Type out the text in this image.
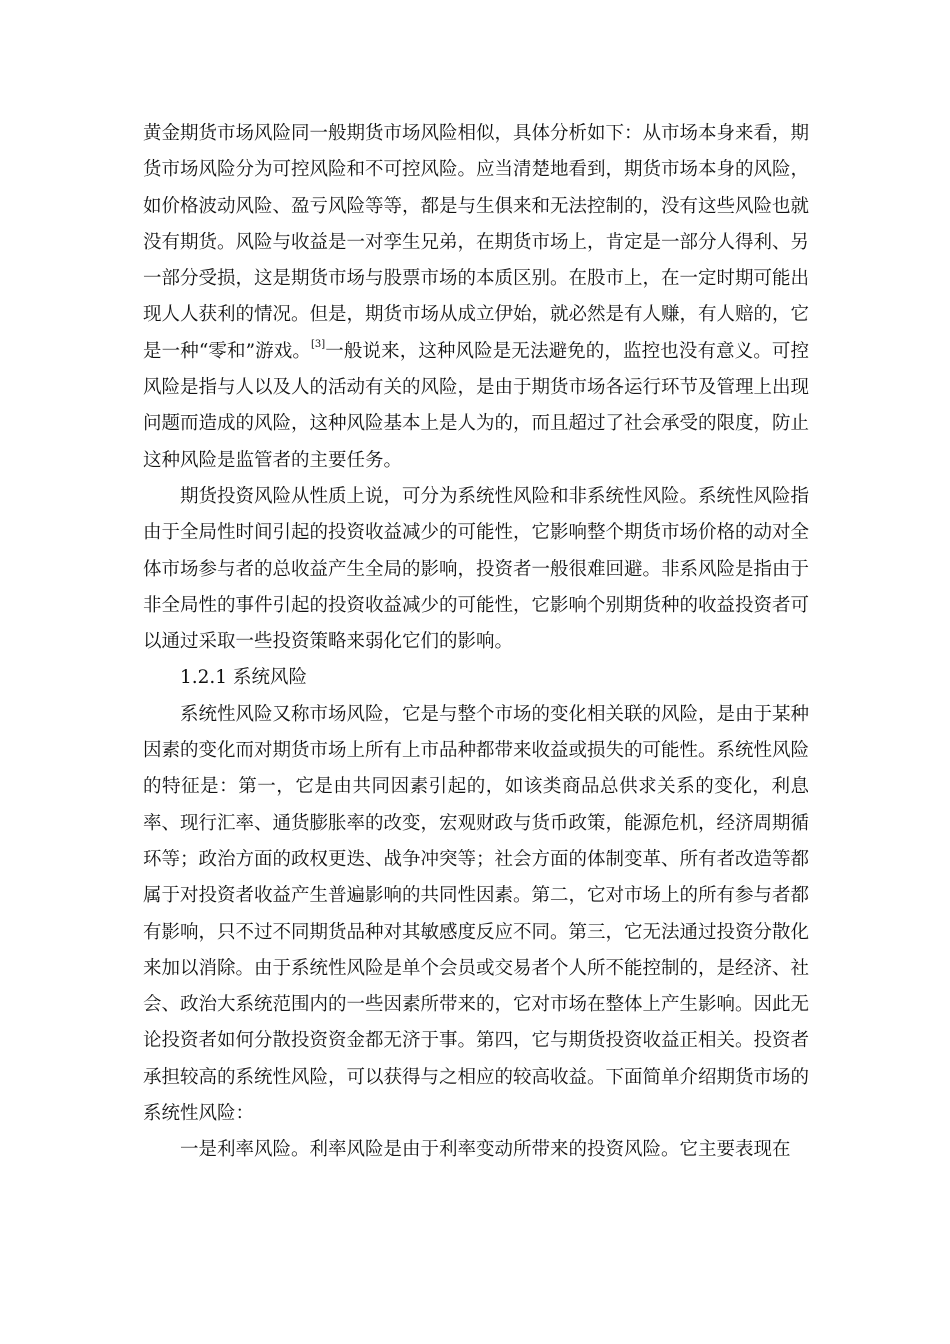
黄金期货市场风险同一般期货市场风险相似，具体分析如下：从市场本身来看，期货市场风险分为可控风险和不可控风险。应当清楚地看到，期货市场本身的风险，如价格波动风险、盈亏风险等等，都是与生俱来和无法控制的，没有这些风险也就没有期货。风险与收益是一对孪生兄弟，在期货市场上，肯定是一部分人得利、另一部分受损，这是期货市场与股票市场的本质区别。在股市上，在一定时期可能出现人人获利的情况。但是，期货市场从成立伊始，就必然是有人赚，有人赔的，它是一种“零和”游戏。[3]一般说来，这种风险是无法避免的，监控也没有意义。可控风险是指与人以及人的活动有关的风险，是由于期货市场各运行环节及管理上出现问题而造成的风险，这种风险基本上是人为的，而且超过了社会承受的限度，防止这种风险是监管者的主要任务。

期货投资风险从性质上说，可分为系统性风险和非系统性风险。系统性风险指由于全局性时间引起的投资收益减少的可能性，它影响整个期货市场价格的动对全体市场参与者的总收益产生全局的影响，投资者一般很难回避。非系风险是指由于非全局性的事件引起的投资收益减少的可能性，它影响个别期货种的收益投资者可以通过采取一些投资策略来弱化它们的影响。

1.2.1 系统风险

系统性风险又称市场风险，它是与整个市场的变化相关联的风险，是由于某种因素的变化而对期货市场上所有上市品种都带来收益或损失的可能性。系统性风险的特征是：第一，它是由共同因素引起的，如该类商品总供求关系的变化，利息率、现行汇率、通货膨胀率的改变，宏观财政与货币政策，能源危机，经济周期循环等；政治方面的政权更迭、战争冲突等；社会方面的体制变革、所有者改造等都属于对投资者收益产生普遍影响的共同性因素。第二，它对市场上的所有参与者都有影响，只不过不同期货品种对其敏感度反应不同。第三，它无法通过投资分散化来加以消除。由于系统性风险是单个会员或交易者个人所不能控制的，是经济、社会、政治大系统范围内的一些因素所带来的，它对市场在整体上产生影响。因此无论投资者如何分散投资资金都无济于事。第四，它与期货投资收益正相关。投资者承担较高的系统性风险，可以获得与之相应的较高收益。下面简单介绍期货市场的系统性风险：

一是利率风险。利率风险是由于利率变动所带来的投资风险。它主要表现在
